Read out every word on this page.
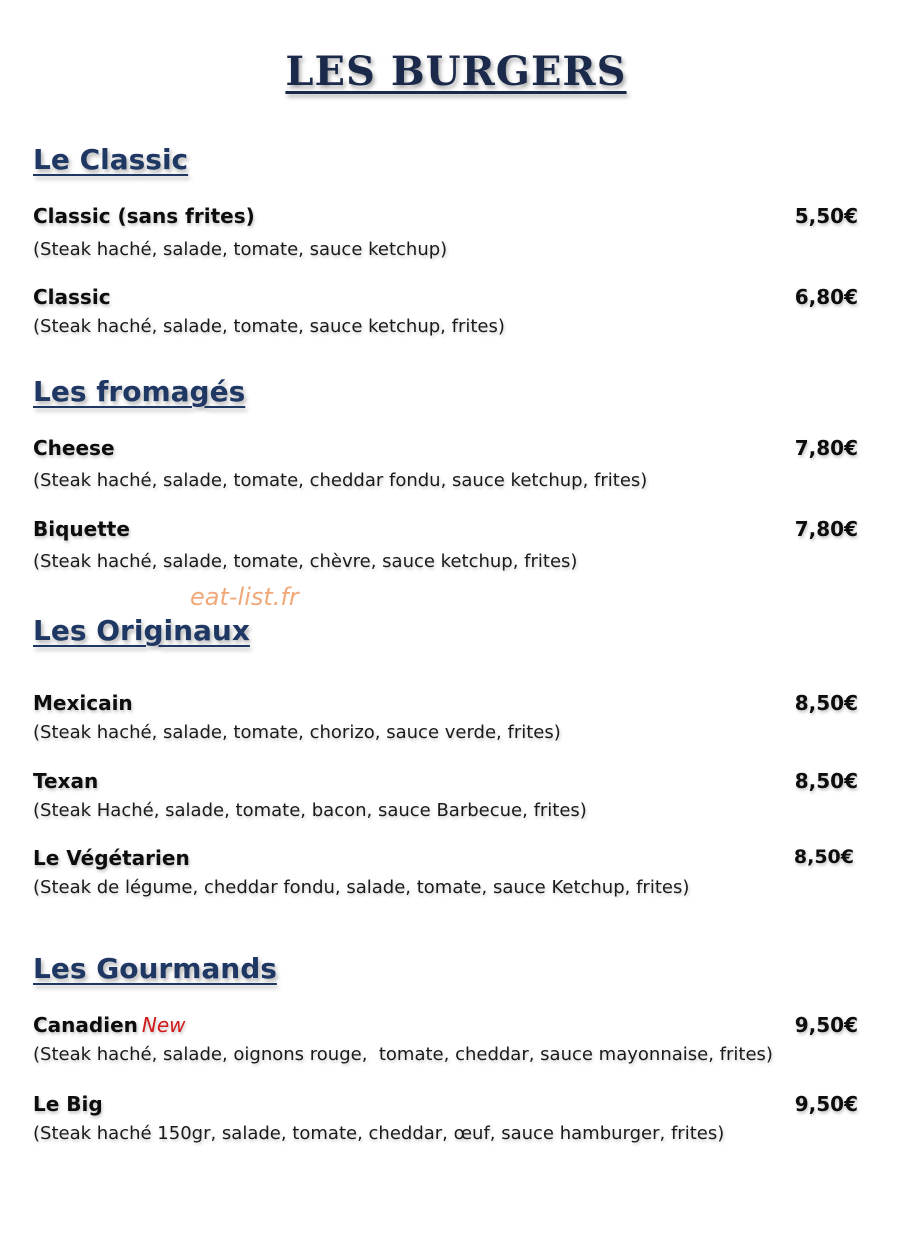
LES BURGERS
Le Classic
Classic (sans frites)	5,50€
(Steak haché, salade, tomate, sauce ketchup)
Classic	6,80€
(Steak haché, salade, tomate, sauce ketchup, frites)
Les fromagés
Cheese	7,80€
(Steak haché, salade, tomate, cheddar fondu, sauce ketchup, frites)
Biquette	7,80€
(Steak haché, salade, tomate, chèvre, sauce ketchup, frites)
eat-list.fr
Les Originaux
Mexicain	8,50€
(Steak haché, salade, tomate, chorizo, sauce verde, frites)
Texan	8,50€
(Steak Haché, salade, tomate, bacon, sauce Barbecue, frites)
Le Végétarien	8,50€
(Steak de légume, cheddar fondu, salade, tomate, sauce Ketchup, frites)
Les Gourmands
Canadien New	9,50€
(Steak haché, salade, oignons rouge,  tomate, cheddar, sauce mayonnaise, frites)
Le Big	9,50€
(Steak haché 150gr, salade, tomate, cheddar, œuf, sauce hamburger, frites)
